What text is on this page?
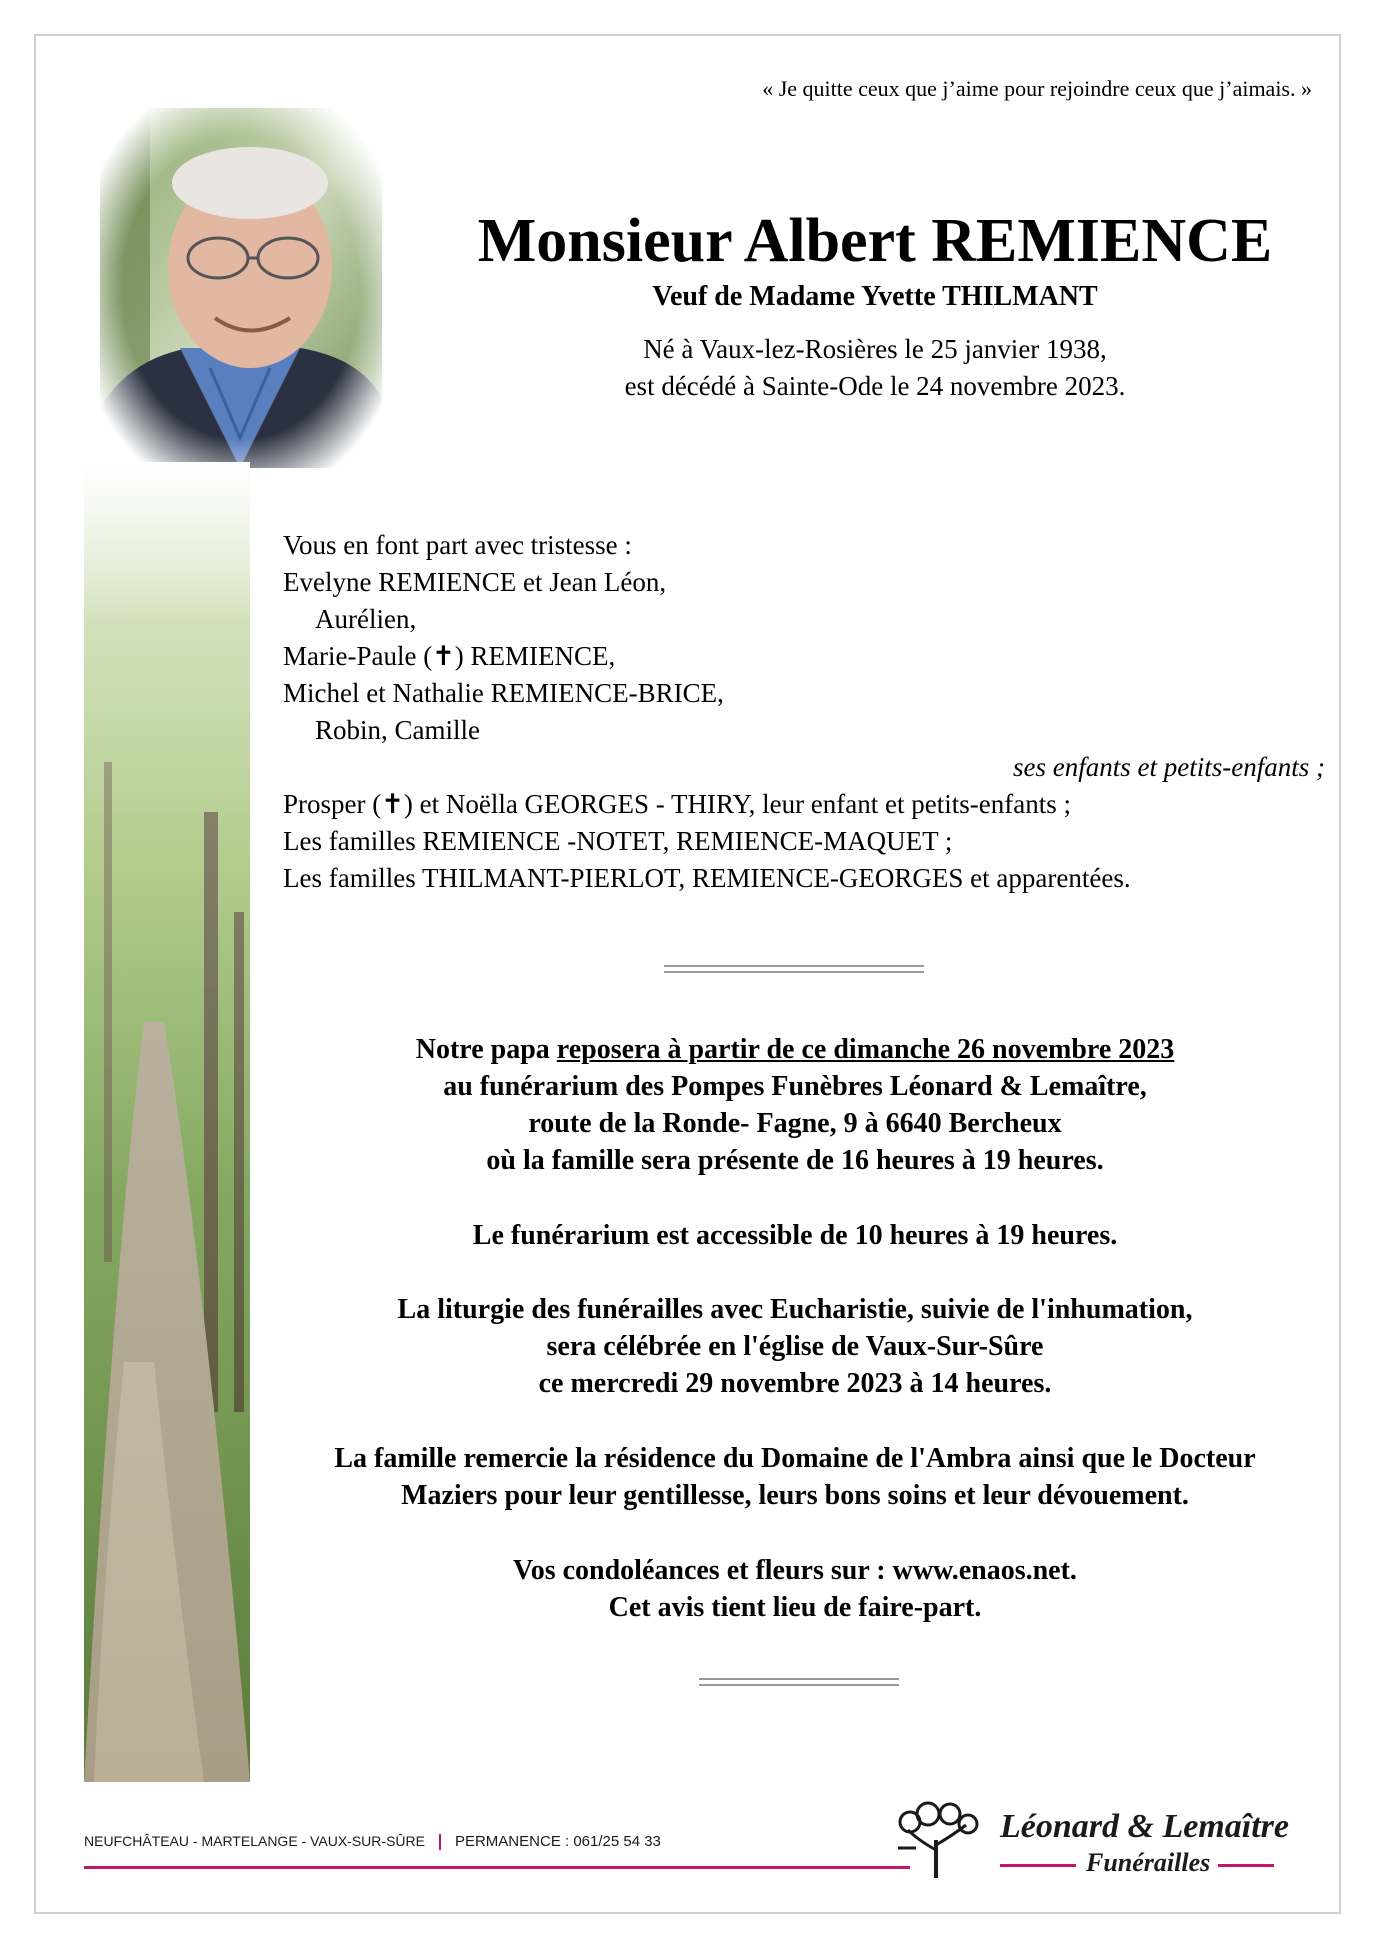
« Je quitte ceux que j’aime pour rejoindre ceux que j’aimais. »
Monsieur Albert REMIENCE
Veuf de Madame Yvette THILMANT
Né à Vaux-lez-Rosières le 25 janvier 1938,
est décédé à Sainte-Ode le 24 novembre 2023.
Vous en font part avec tristesse :
Evelyne REMIENCE et Jean Léon,
Aurélien,
Marie-Paule (✝) REMIENCE,
Michel et Nathalie REMIENCE-BRICE,
Robin, Camille
ses enfants et petits-enfants ;
Prosper (✝) et Noëlla GEORGES - THIRY, leur enfant et petits-enfants ;
Les familles REMIENCE -NOTET, REMIENCE-MAQUET ;
Les familles THILMANT-PIERLOT, REMIENCE-GEORGES et apparentées.
Notre papa reposera à partir de ce dimanche 26 novembre 2023
au funérarium des Pompes Funèbres Léonard & Lemaître,
route de la Ronde- Fagne, 9 à 6640 Bercheux
où la famille sera présente de 16 heures à 19 heures.
Le funérarium est accessible de 10 heures à 19 heures.
La liturgie des funérailles avec Eucharistie, suivie de l'inhumation,
sera célébrée en l'église de Vaux-Sur-Sûre
ce mercredi 29 novembre 2023 à 14 heures.
La famille remercie la résidence du Domaine de l'Ambra ainsi que le Docteur
Maziers pour leur gentillesse, leurs bons soins et leur dévouement.
Vos condoléances et fleurs sur : www.enaos.net.
Cet avis tient lieu de faire-part.
NEUFCHÂTEAU - MARTELANGE - VAUX-SUR-SÛRE PERMANENCE : 061/25 54 33	Léonard & Lemaître
Funérailles
